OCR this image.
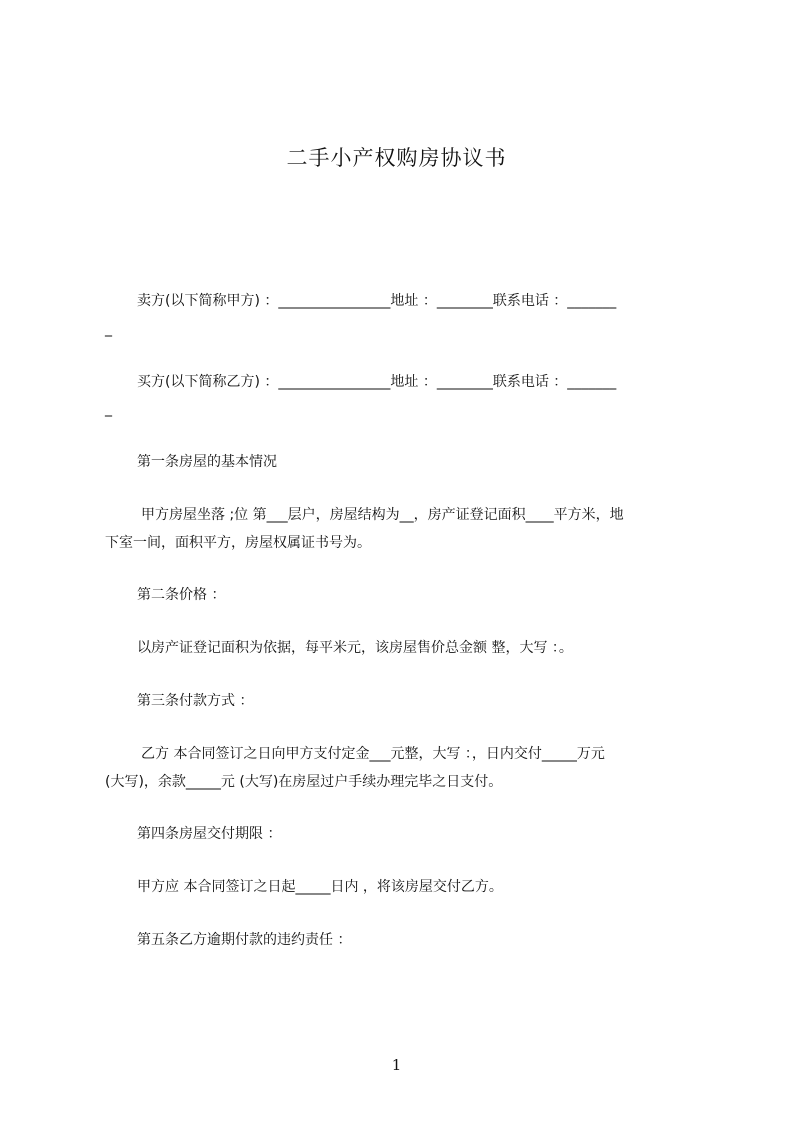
二手小产权购房协议书
卖方(以下简称甲方) ：________________地址 ：________联系电话 ：_______
_
买方(以下简称乙方) ：________________地址 ：________联系电话 ：_______
_
第一条房屋的基本情况
甲方房屋坐落 ;位 第___层户，房屋结构为__，房产证登记面积____平方米，地
下室一间，面积平方，房屋权属证书号为。
第二条价格 ：
以房产证登记面积为依据，每平米元，该房屋售价总金额 整，大写 ：。
第三条付款方式 ：
乙方 本合同签订之日向甲方支付定金___元整，大写 ：，日内交付_____万元
(大写)，余款_____元 (大写)在房屋过户手续办理完毕之日支付。
第四条房屋交付期限 ：
甲方应 本合同签订之日起_____日内 ，将该房屋交付乙方。
第五条乙方逾期付款的违约责任 ：
1
